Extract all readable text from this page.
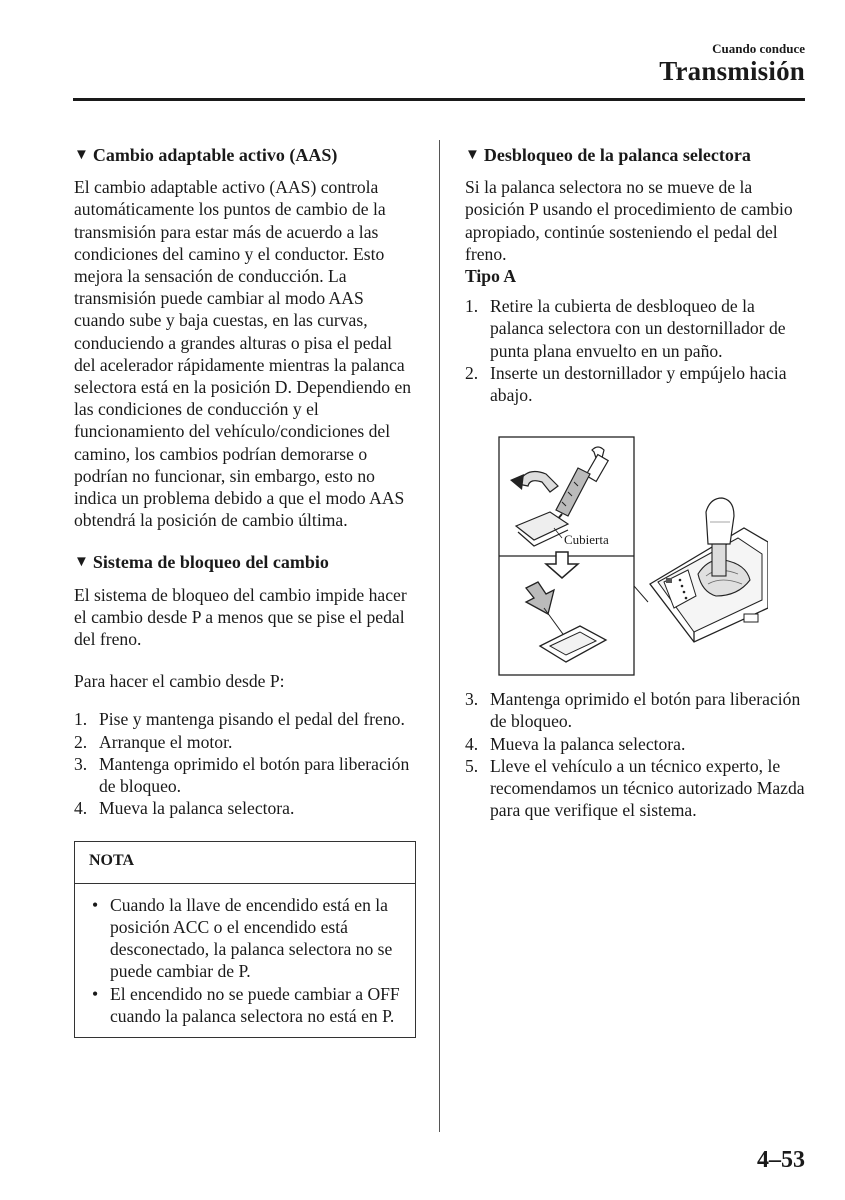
Cuando conduce
Transmisión
▼ Cambio adaptable activo (AAS)

El cambio adaptable activo (AAS) controla automáticamente los puntos de cambio de la transmisión para estar más de acuerdo a las condiciones del camino y el conductor. Esto mejora la sensación de conducción. La transmisión puede cambiar al modo AAS cuando sube y baja cuestas, en las curvas, conduciendo a grandes alturas o pisa el pedal del acelerador rápidamente mientras la palanca selectora está en la posición D. Dependiendo en las condiciones de conducción y el funcionamiento del vehículo/condiciones del camino, los cambios podrían demorarse o podrían no funcionar, sin embargo, esto no indica un problema debido a que el modo AAS obtendrá la posición de cambio última.

▼ Sistema de bloqueo del cambio

El sistema de bloqueo del cambio impide hacer el cambio desde P a menos que se pise el pedal del freno.

Para hacer el cambio desde P:

1. Pise y mantenga pisando el pedal del freno.
2. Arranque el motor.
3. Mantenga oprimido el botón para liberación de bloqueo.
4. Mueva la palanca selectora.
NOTA
• Cuando la llave de encendido está en la posición ACC o el encendido está desconectado, la palanca selectora no se puede cambiar de P.
• El encendido no se puede cambiar a OFF cuando la palanca selectora no está en P.
▼ Desbloqueo de la palanca selectora

Si la palanca selectora no se mueve de la posición P usando el procedimiento de cambio apropiado, continúe sosteniendo el pedal del freno.

Tipo A
1. Retire la cubierta de desbloqueo de la palanca selectora con un destornillador de punta plana envuelto en un paño.
2. Inserte un destornillador y empújelo hacia abajo.
Cubierta
3. Mantenga oprimido el botón para liberación de bloqueo.
4. Mueva la palanca selectora.
5. Lleve el vehículo a un técnico experto, le recomendamos un técnico autorizado Mazda para que verifique el sistema.
4–53
